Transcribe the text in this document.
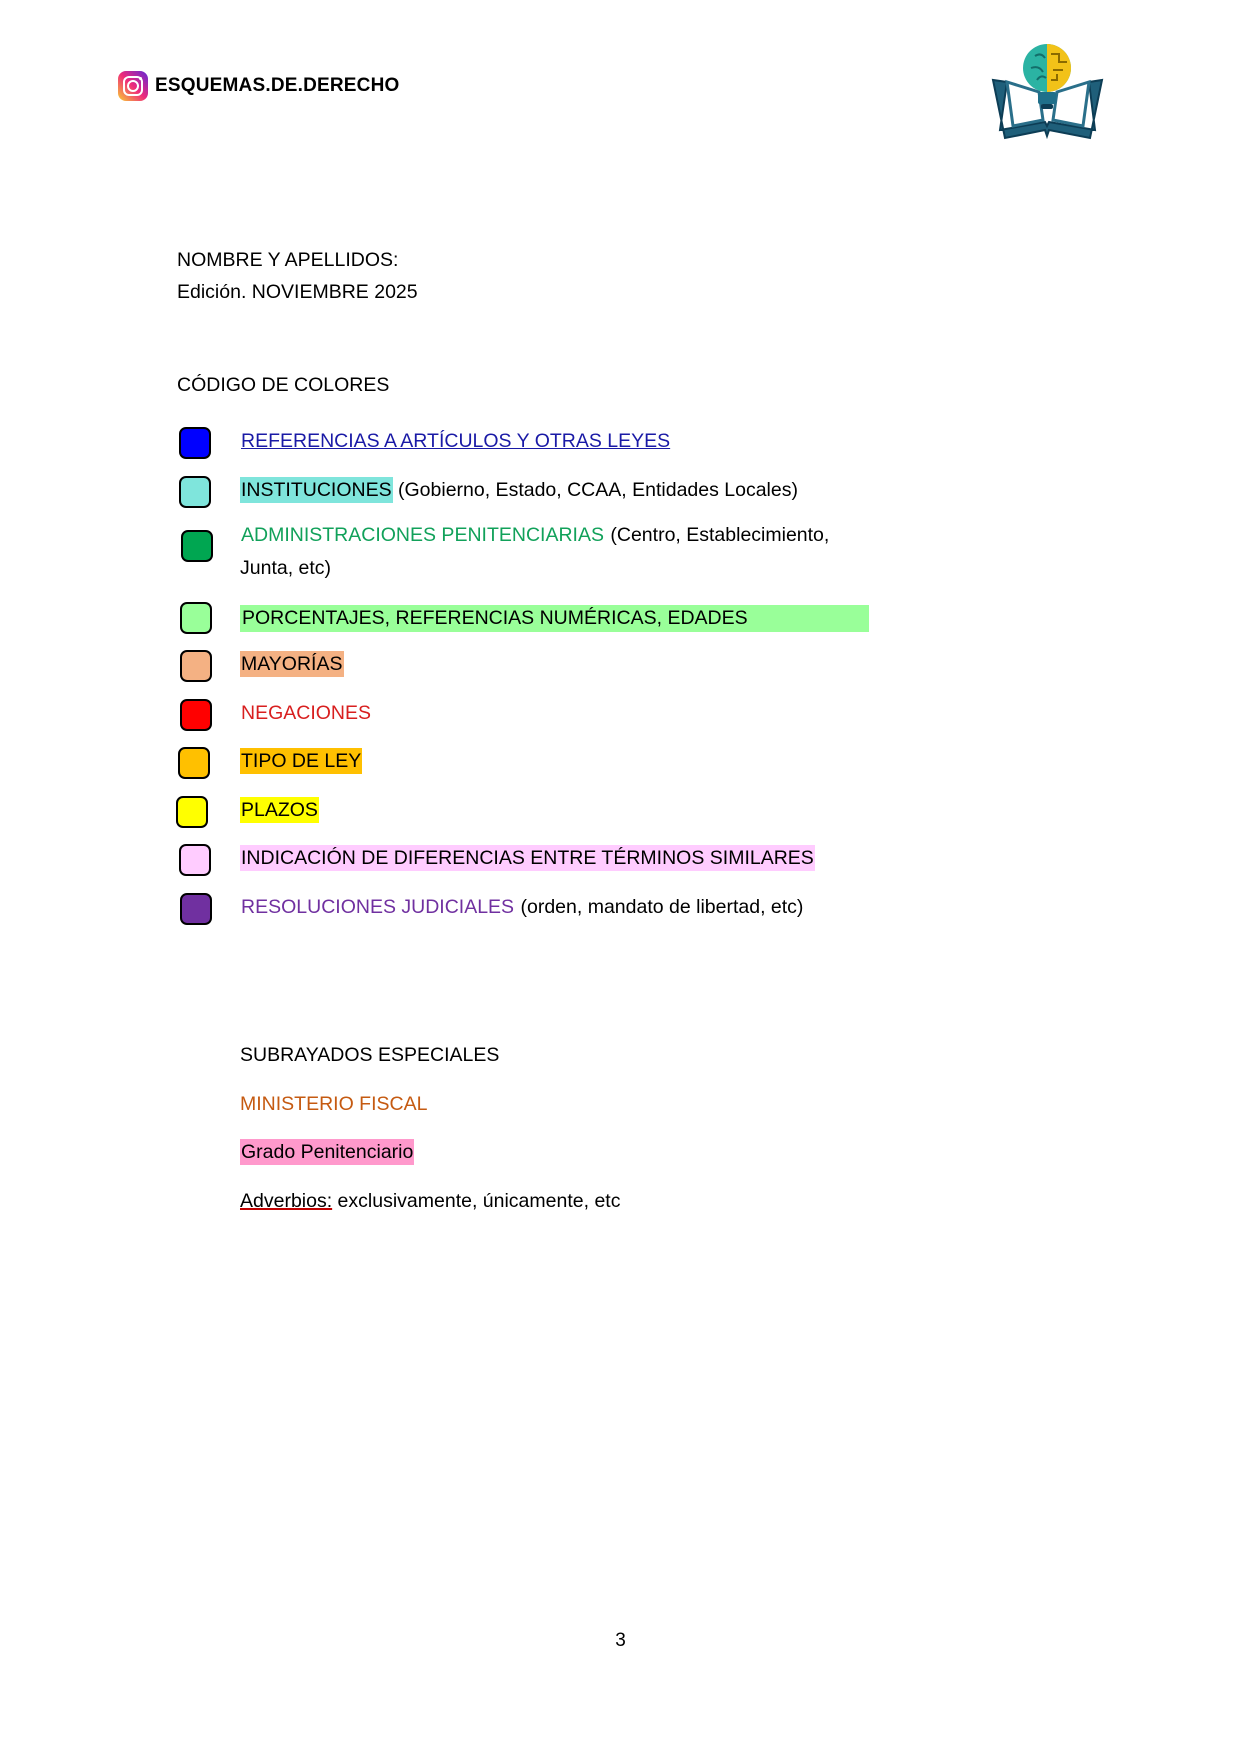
ESQUEMAS.DE.DERECHO
NOMBRE Y APELLIDOS:
Edición. NOVIEMBRE 2025
CÓDIGO DE COLORES
REFERENCIAS A ARTÍCULOS Y OTRAS LEYES
INSTITUCIONES (Gobierno, Estado, CCAA, Entidades Locales)
ADMINISTRACIONES PENITENCIARIAS (Centro, Establecimiento,
Junta, etc)
PORCENTAJES, REFERENCIAS NUMÉRICAS, EDADES
MAYORÍAS
NEGACIONES
TIPO DE LEY
PLAZOS
INDICACIÓN DE DIFERENCIAS ENTRE TÉRMINOS SIMILARES
RESOLUCIONES JUDICIALES (orden, mandato de libertad, etc)
SUBRAYADOS ESPECIALES
MINISTERIO FISCAL
Grado Penitenciario
Adverbios: exclusivamente, únicamente, etc
3
